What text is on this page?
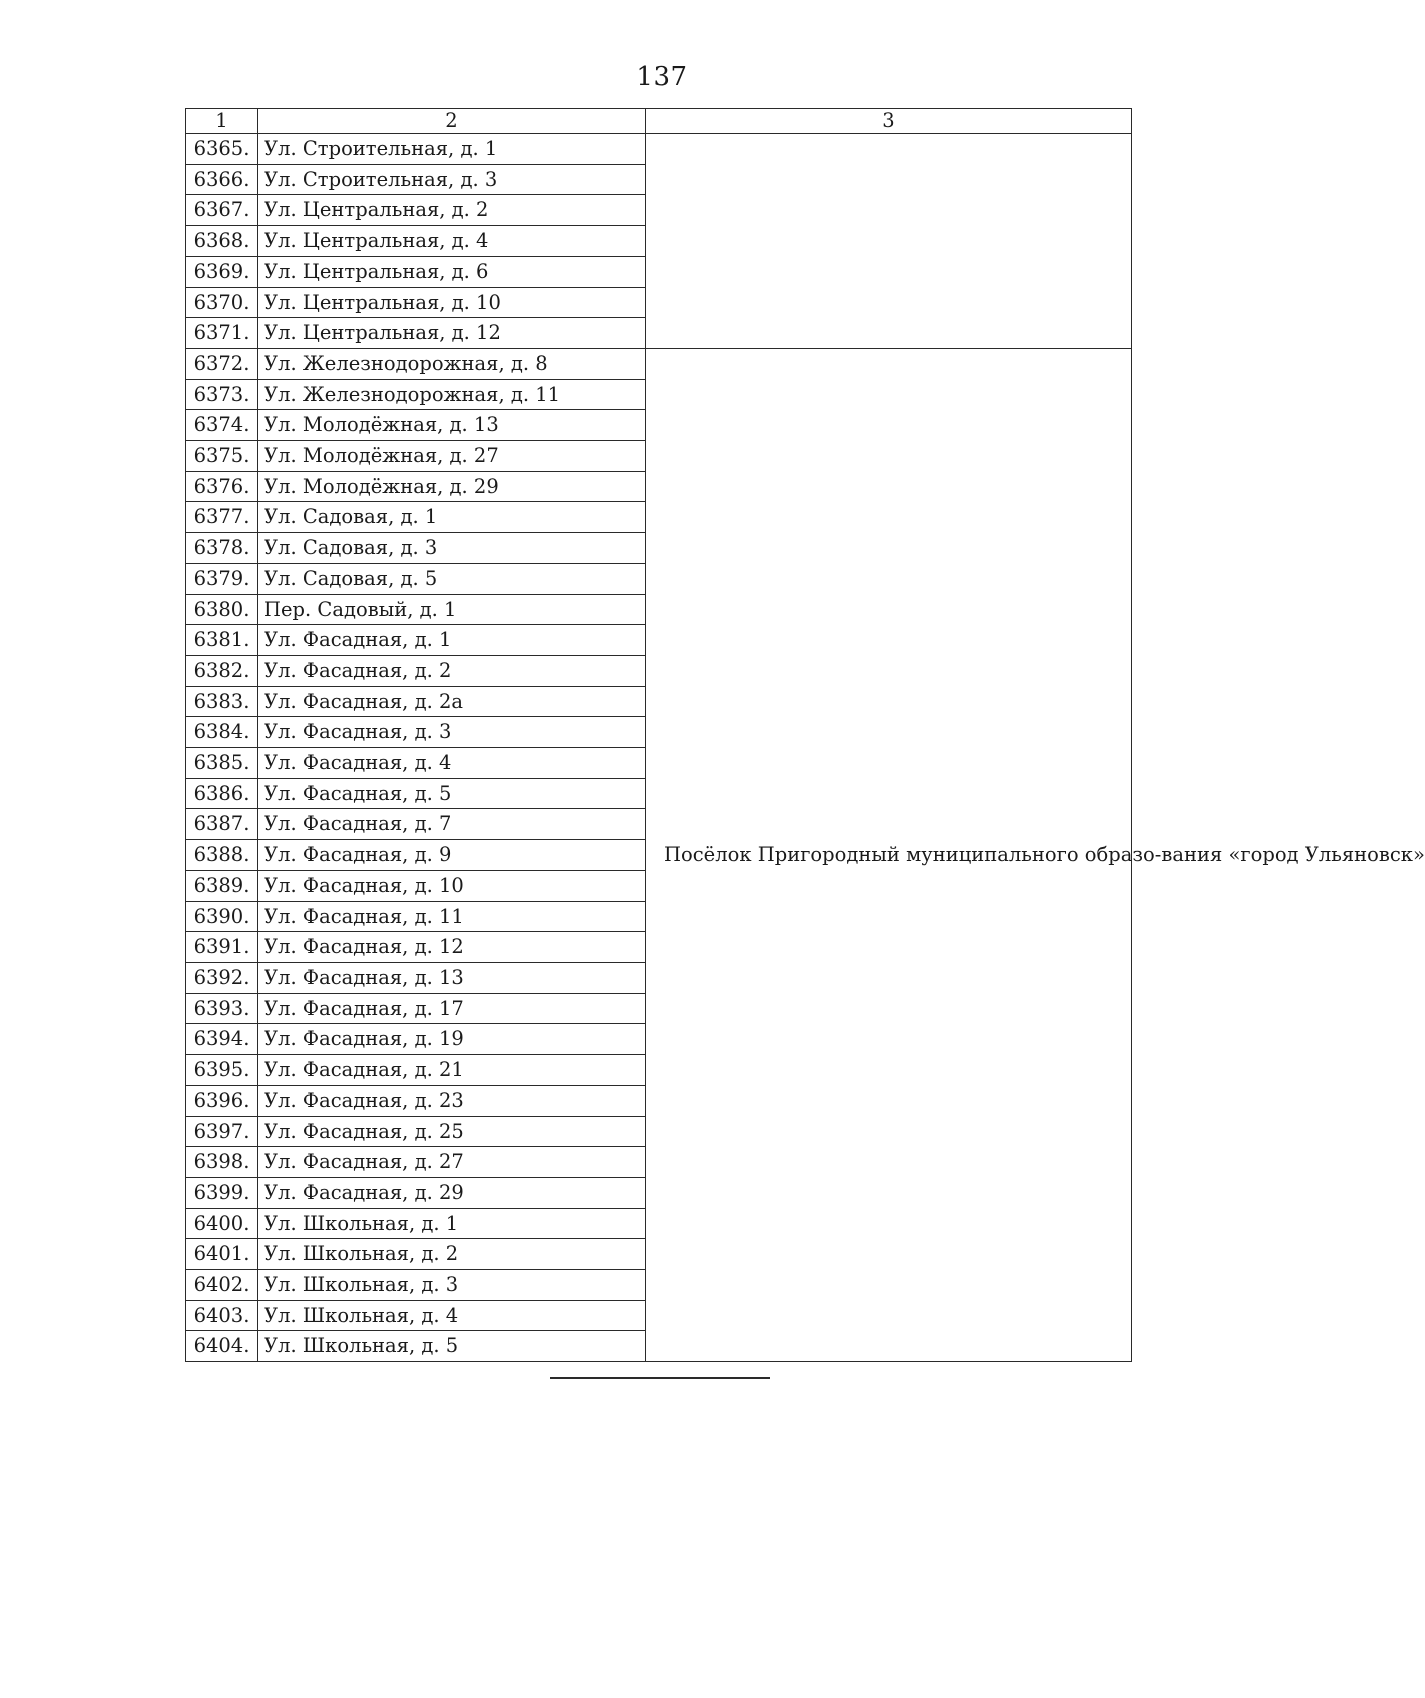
137
1	2	3
6365.	Ул. Строительная, д. 1	
6366.	Ул. Строительная, д. 3	
6367.	Ул. Центральная, д. 2	
6368.	Ул. Центральная, д. 4	
6369.	Ул. Центральная, д. 6	
6370.	Ул. Центральная, д. 10	
6371.	Ул. Центральная, д. 12	
6372.	Ул. Железнодорожная, д. 8	Посёлок Пригородный муниципального образо-вания «город Ульяновск»

6373.	Ул. Железнодорожная, д. 11	
6374.	Ул. Молодёжная, д. 13	
6375.	Ул. Молодёжная, д. 27	
6376.	Ул. Молодёжная, д. 29	
6377.	Ул. Садовая, д. 1	
6378.	Ул. Садовая, д. 3	
6379.	Ул. Садовая, д. 5	
6380.	Пер. Садовый, д. 1	
6381.	Ул. Фасадная, д. 1	
6382.	Ул. Фасадная, д. 2	
6383.	Ул. Фасадная, д. 2а	
6384.	Ул. Фасадная, д. 3	
6385.	Ул. Фасадная, д. 4	
6386.	Ул. Фасадная, д. 5	
6387.	Ул. Фасадная, д. 7	
6388.	Ул. Фасадная, д. 9	
6389.	Ул. Фасадная, д. 10	
6390.	Ул. Фасадная, д. 11	
6391.	Ул. Фасадная, д. 12	
6392.	Ул. Фасадная, д. 13	
6393.	Ул. Фасадная, д. 17	
6394.	Ул. Фасадная, д. 19	
6395.	Ул. Фасадная, д. 21	
6396.	Ул. Фасадная, д. 23	
6397.	Ул. Фасадная, д. 25	
6398.	Ул. Фасадная, д. 27	
6399.	Ул. Фасадная, д. 29	
6400.	Ул. Школьная, д. 1	
6401.	Ул. Школьная, д. 2	
6402.	Ул. Школьная, д. 3	
6403.	Ул. Школьная, д. 4	
6404.	Ул. Школьная, д. 5	
